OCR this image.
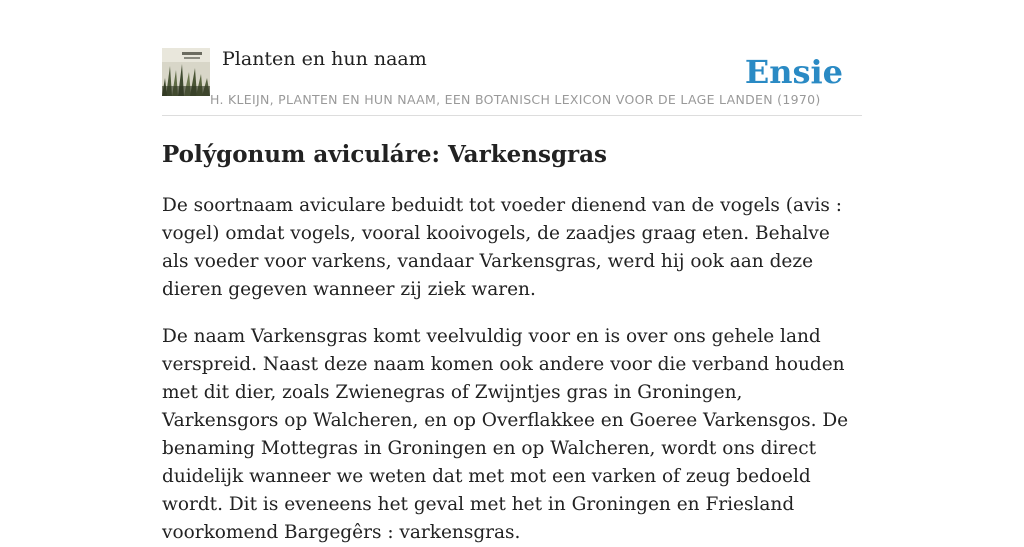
Planten en hun naam	Ensie
H. KLEIJN, PLANTEN EN HUN NAAM, EEN BOTANISCH LEXICON VOOR DE LAGE LANDEN (1970)
Polýgonum aviculáre: Varkensgras

De soortnaam aviculare beduidt tot voeder dienend van de vogels (avis : vogel) omdat vogels, vooral kooivogels, de zaadjes graag eten. Behalve als voeder voor varkens, vandaar Varkensgras, werd hij ook aan deze dieren gegeven wanneer zij ziek waren.

De naam Varkensgras komt veelvuldig voor en is over ons gehele land verspreid. Naast deze naam komen ook andere voor die verband houden met dit dier, zoals Zwienegras of Zwijntjes gras in Groningen, Varkensgors op Walcheren, en op Overflakkee en Goeree Varkensgos. De benaming Mottegras in Groningen en op Walcheren, wordt ons direct duidelijk wanneer we weten dat met mot een varken of zeug bedoeld wordt. Dit is eveneens het geval met het in Groningen en Friesland voorkomend Bargegêrs : varkensgras.
